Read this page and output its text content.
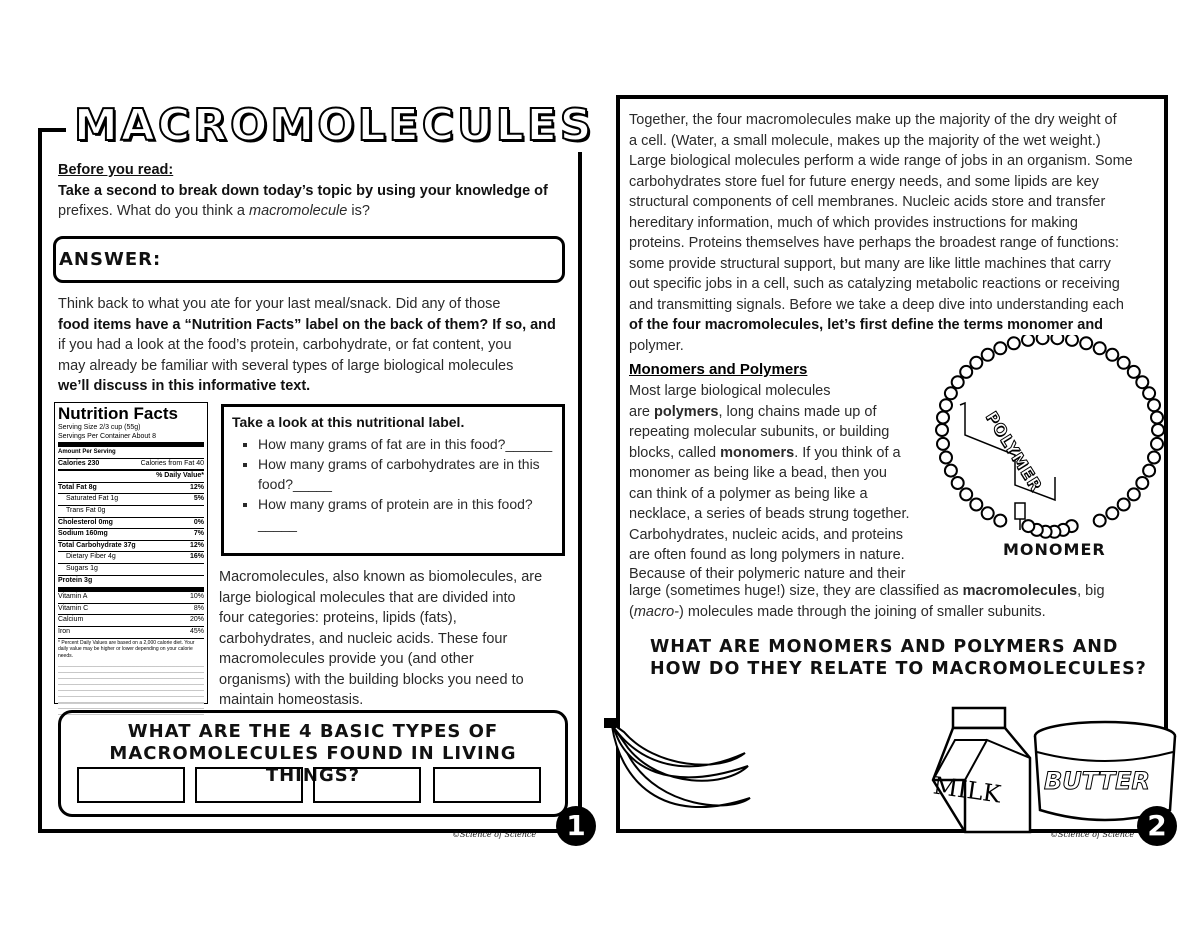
MACROMOLECULES
Before you read:
Take a second to break down today’s topic by using your knowledge of
prefixes. What do you think a macromolecule is?
ANSWER:
Think back to what you ate for your last meal/snack. Did any of those
food items have a “Nutrition Facts” label on the back of them? If so, and
if you had a look at the food’s protein, carbohydrate, or fat content, you
may already be familiar with several types of large biological molecules
we’ll discuss in this informative text.
Nutrition Facts
Serving Size 2/3 cup (55g)
Servings Per Container About 8
Amount Per Serving
Calories 230	Calories from Fat 40
% Daily Value*
Total Fat 8g	12%
Saturated Fat 1g	5%
Trans Fat 0g
Cholesterol 0mg	0%
Sodium 160mg	7%
Total Carbohydrate 37g	12%
Dietary Fiber 4g	16%
Sugars 1g
Protein 3g
Vitamin A	10%
Vitamin C	8%
Calcium	20%
Iron	45%
* Percent Daily Values are based on a 2,000 calorie diet. Your daily value may be higher or lower depending on your calorie needs.
Take a look at this nutritional label.
▪ How many grams of fat are in this food?______
▪ How many grams of carbohydrates are in this food?_____
▪ How many grams of protein are in this food?_____
Macromolecules, also known as biomolecules, are
large biological molecules that are divided into
four categories: proteins, lipids (fats),
carbohydrates, and nucleic acids. These four
macromolecules provide you (and other
organisms) with the building blocks you need to
maintain homeostasis.
WHAT ARE THE 4 BASIC TYPES OF
MACROMOLECULES FOUND IN LIVING THINGS?
1
©Science of Science
Together, the four macromolecules make up the majority of the dry weight of
a cell. (Water, a small molecule, makes up the majority of the wet weight.)
Large biological molecules perform a wide range of jobs in an organism. Some
carbohydrates store fuel for future energy needs, and some lipids are key
structural components of cell membranes. Nucleic acids store and transfer
hereditary information, much of which provides instructions for making
proteins. Proteins themselves have perhaps the broadest range of functions:
some provide structural support, but many are like little machines that carry
out specific jobs in a cell, such as catalyzing metabolic reactions or receiving
and transmitting signals. Before we take a deep dive into understanding each
of the four macromolecules, let’s first define the terms monomer and
polymer.
Monomers and Polymers
Most large biological molecules
are polymers, long chains made up of
repeating molecular subunits, or building
blocks, called monomers. If you think of a
monomer as being like a bead, then you
can think of a polymer as being like a
necklace, a series of beads strung together.
Carbohydrates, nucleic acids, and proteins
are often found as long polymers in nature.
Because of their polymeric nature and their
large (sometimes huge!) size, they are classified as macromolecules, big
(macro-) molecules made through the joining of smaller subunits.
POLYMER
MONOMER
WHAT ARE MONOMERS AND POLYMERS AND
HOW DO THEY RELATE TO MACROMOLECULES?
MILK BUTTER
2
©Science of Science
